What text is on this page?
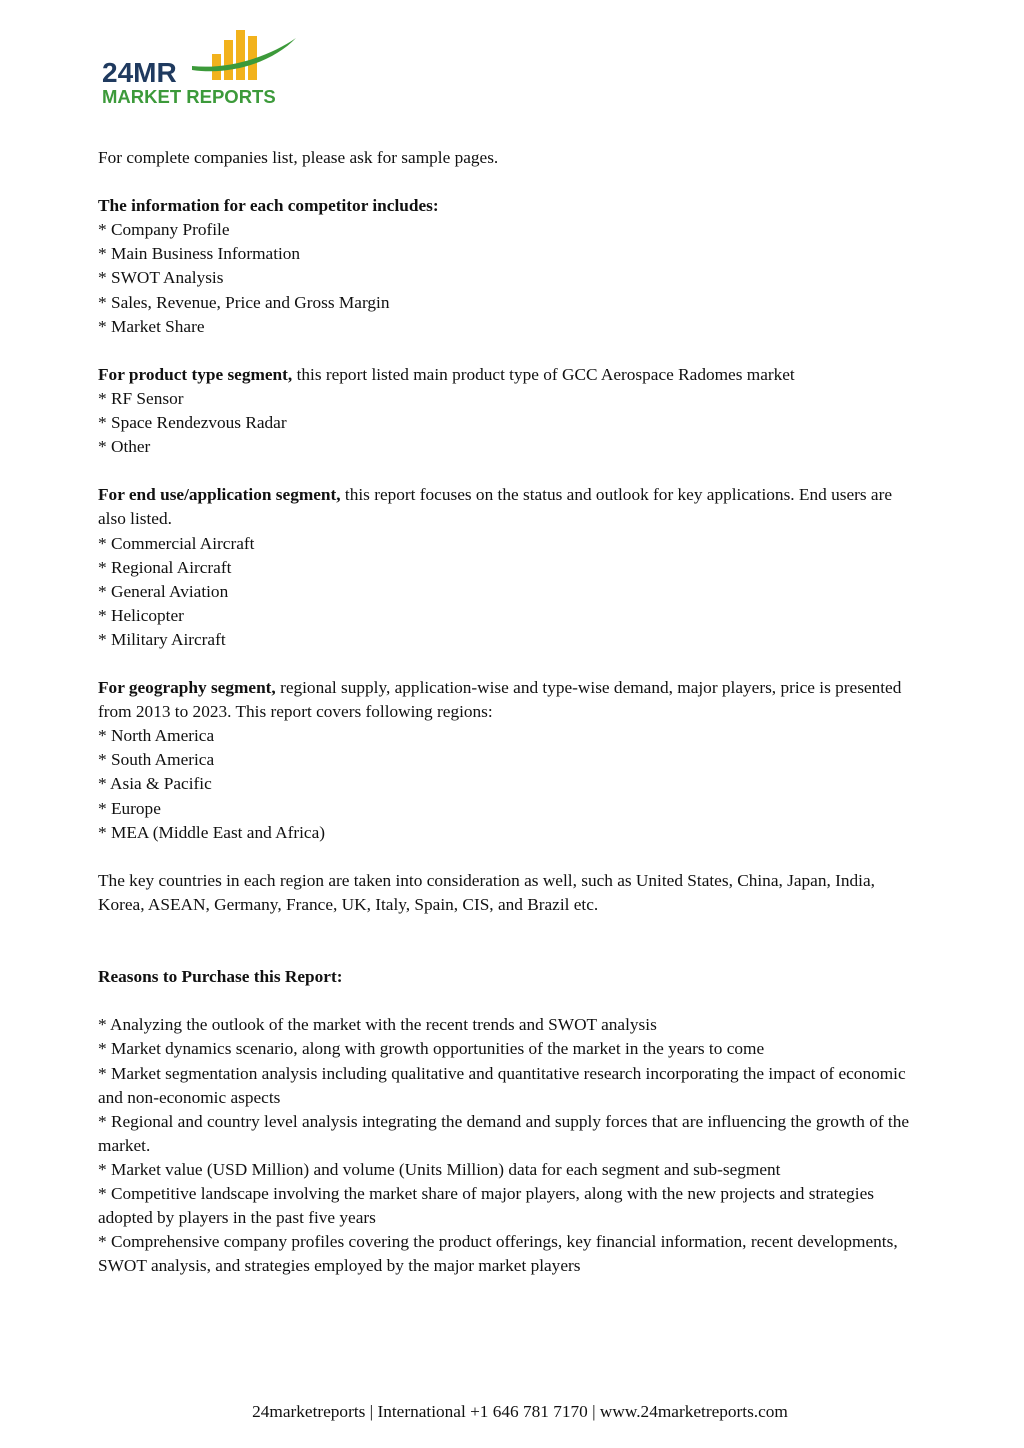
24MR
MARKET REPORTS

For complete companies list, please ask for sample pages.

The information for each competitor includes:

* Company Profile

* Main Business Information

* SWOT Analysis

* Sales, Revenue, Price and Gross Margin

* Market Share

For product type segment, this report listed main product type of GCC Aerospace Radomes market

* RF Sensor

* Space Rendezvous Radar

* Other

For end use/application segment, this report focuses on the status and outlook for key applications. End users are also listed.

* Commercial Aircraft

* Regional Aircraft

* General Aviation

* Helicopter

* Military Aircraft

For geography segment, regional supply, application-wise and type-wise demand, major players, price is presented from 2013 to 2023. This report covers following regions:

* North America

* South America

* Asia & Pacific

* Europe

* MEA (Middle East and Africa)

The key countries in each region are taken into consideration as well, such as United States, China, Japan, India, Korea, ASEAN, Germany, France, UK, Italy, Spain, CIS, and Brazil etc.

Reasons to Purchase this Report:

* Analyzing the outlook of the market with the recent trends and SWOT analysis

* Market dynamics scenario, along with growth opportunities of the market in the years to come

* Market segmentation analysis including qualitative and quantitative research incorporating the impact of economic and non-economic aspects

* Regional and country level analysis integrating the demand and supply forces that are influencing the growth of the market.

* Market value (USD Million) and volume (Units Million) data for each segment and sub-segment

* Competitive landscape involving the market share of major players, along with the new projects and strategies adopted by players in the past five years

* Comprehensive company profiles covering the product offerings, key financial information, recent developments, SWOT analysis, and strategies employed by the major market players

24marketreports | International +1 646 781 7170 | www.24marketreports.com
